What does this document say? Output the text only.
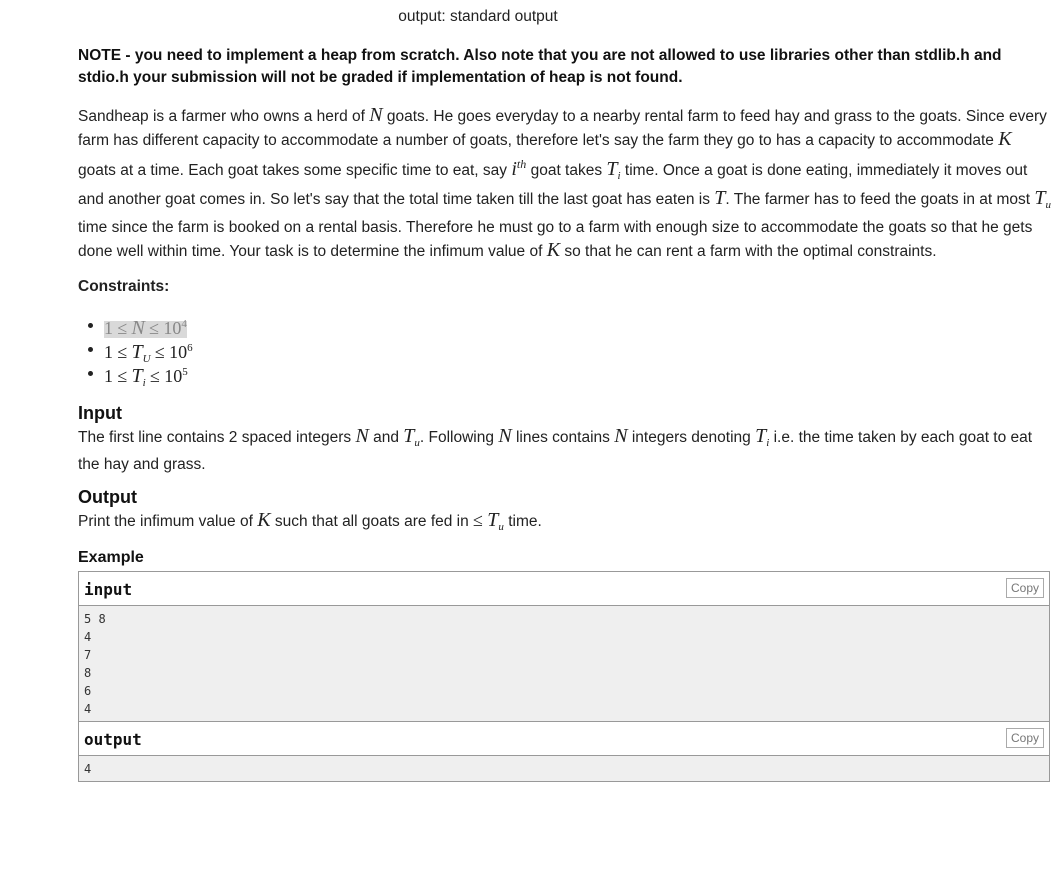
output: standard output
NOTE - you need to implement a heap from scratch. Also note that you are not allowed to use libraries other than stdlib.h and stdio.h your submission will not be graded if implementation of heap is not found.
Sandheap is a farmer who owns a herd of N goats. He goes everyday to a nearby rental farm to feed hay and grass to the goats. Since every farm has different capacity to accommodate a number of goats, therefore let's say the farm they go to has a capacity to accommodate K goats at a time. Each goat takes some specific time to eat, say $i^{th}$ goat takes $T_i$ time. Once a goat is done eating, immediately it moves out and another goat comes in. So let's say that the total time taken till the last goat has eaten is T. The farmer has to feed the goats in at most $T_u$ time since the farm is booked on a rental basis. Therefore he must go to a farm with enough size to accommodate the goats so that he gets done well within time. Your task is to determine the infimum value of K so that he can rent a farm with the optimal constraints.
Constraints:
$1 \le N \le 10^4$
$1 \le T_U \le 10^6$
$1 \le T_i \le 10^5$
Input
The first line contains 2 spaced integers N and $T_u$. Following N lines contains N integers denoting $T_i$ i.e. the time taken by each goat to eat the hay and grass.
Output
Print the infimum value of K such that all goats are fed in ≤ $T_u$ time.
Example
input	Copy
5 8
4
7
8
6
4
output	Copy
4
